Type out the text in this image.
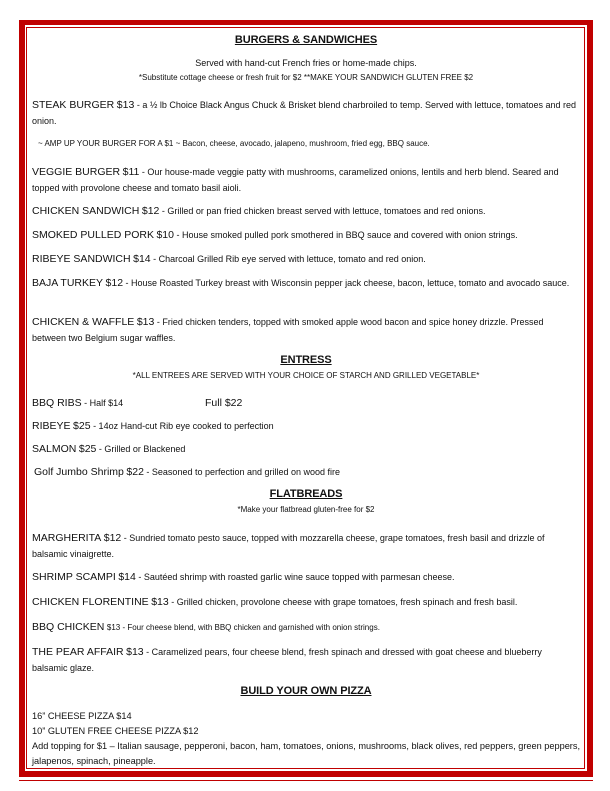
BURGERS & SANDWICHES
Served with hand-cut French fries or home-made chips.
*Substitute cottage cheese or fresh fruit for $2 **MAKE YOUR SANDWICH GLUTEN FREE $2
STEAK BURGER $13 - a ½ lb Choice Black Angus Chuck & Brisket blend charbroiled to temp. Served with lettuce, tomatoes and red onion.
~ AMP UP YOUR BURGER FOR A $1 ~ Bacon, cheese, avocado, jalapeno, mushroom, fried egg, BBQ sauce.
VEGGIE BURGER $11 - Our house-made veggie patty with mushrooms, caramelized onions, lentils and herb blend. Seared and topped with provolone cheese and tomato basil aioli.
CHICKEN SANDWICH $12 - Grilled or pan fried chicken breast served with lettuce, tomatoes and red onions.
SMOKED PULLED PORK $10 - House smoked pulled pork smothered in BBQ sauce and covered with onion strings.
RIBEYE SANDWICH $14 - Charcoal Grilled Rib eye served with lettuce, tomato and red onion.
BAJA TURKEY $12 - House Roasted Turkey breast with Wisconsin pepper jack cheese, bacon, lettuce, tomato and avocado sauce.
CHICKEN & WAFFLE $13 - Fried chicken tenders, topped with smoked apple wood bacon and spice honey drizzle. Pressed between two Belgium sugar waffles.
ENTRESS
*ALL ENTREES ARE SERVED WITH YOUR CHOICE OF STARCH AND GRILLED VEGETABLE*
BBQ RIBS - Half $14	Full $22
RIBEYE $25 - 14oz Hand-cut Rib eye cooked to perfection
SALMON $25 - Grilled or Blackened
Golf Jumbo Shrimp $22 - Seasoned to perfection and grilled on wood fire
FLATBREADS
*Make your flatbread gluten-free for $2
MARGHERITA $12 - Sundried tomato pesto sauce, topped with mozzarella cheese, grape tomatoes, fresh basil and drizzle of balsamic vinaigrette.
SHRIMP SCAMPI $14 - Sautéed shrimp with roasted garlic wine sauce topped with parmesan cheese.
CHICKEN FLORENTINE $13 - Grilled chicken, provolone cheese with grape tomatoes, fresh spinach and fresh basil.
BBQ CHICKEN $13 - Four cheese blend, with BBQ chicken and garnished with onion strings.
THE PEAR AFFAIR $13 - Caramelized pears, four cheese blend, fresh spinach and dressed with goat cheese and blueberry balsamic glaze.
BUILD YOUR OWN PIZZA
16” CHEESE PIZZA $14
10” GLUTEN FREE CHEESE PIZZA $12
Add topping for $1 – Italian sausage, pepperoni, bacon, ham, tomatoes, onions, mushrooms, black olives, red peppers, green peppers, jalapenos, spinach, pineapple.
